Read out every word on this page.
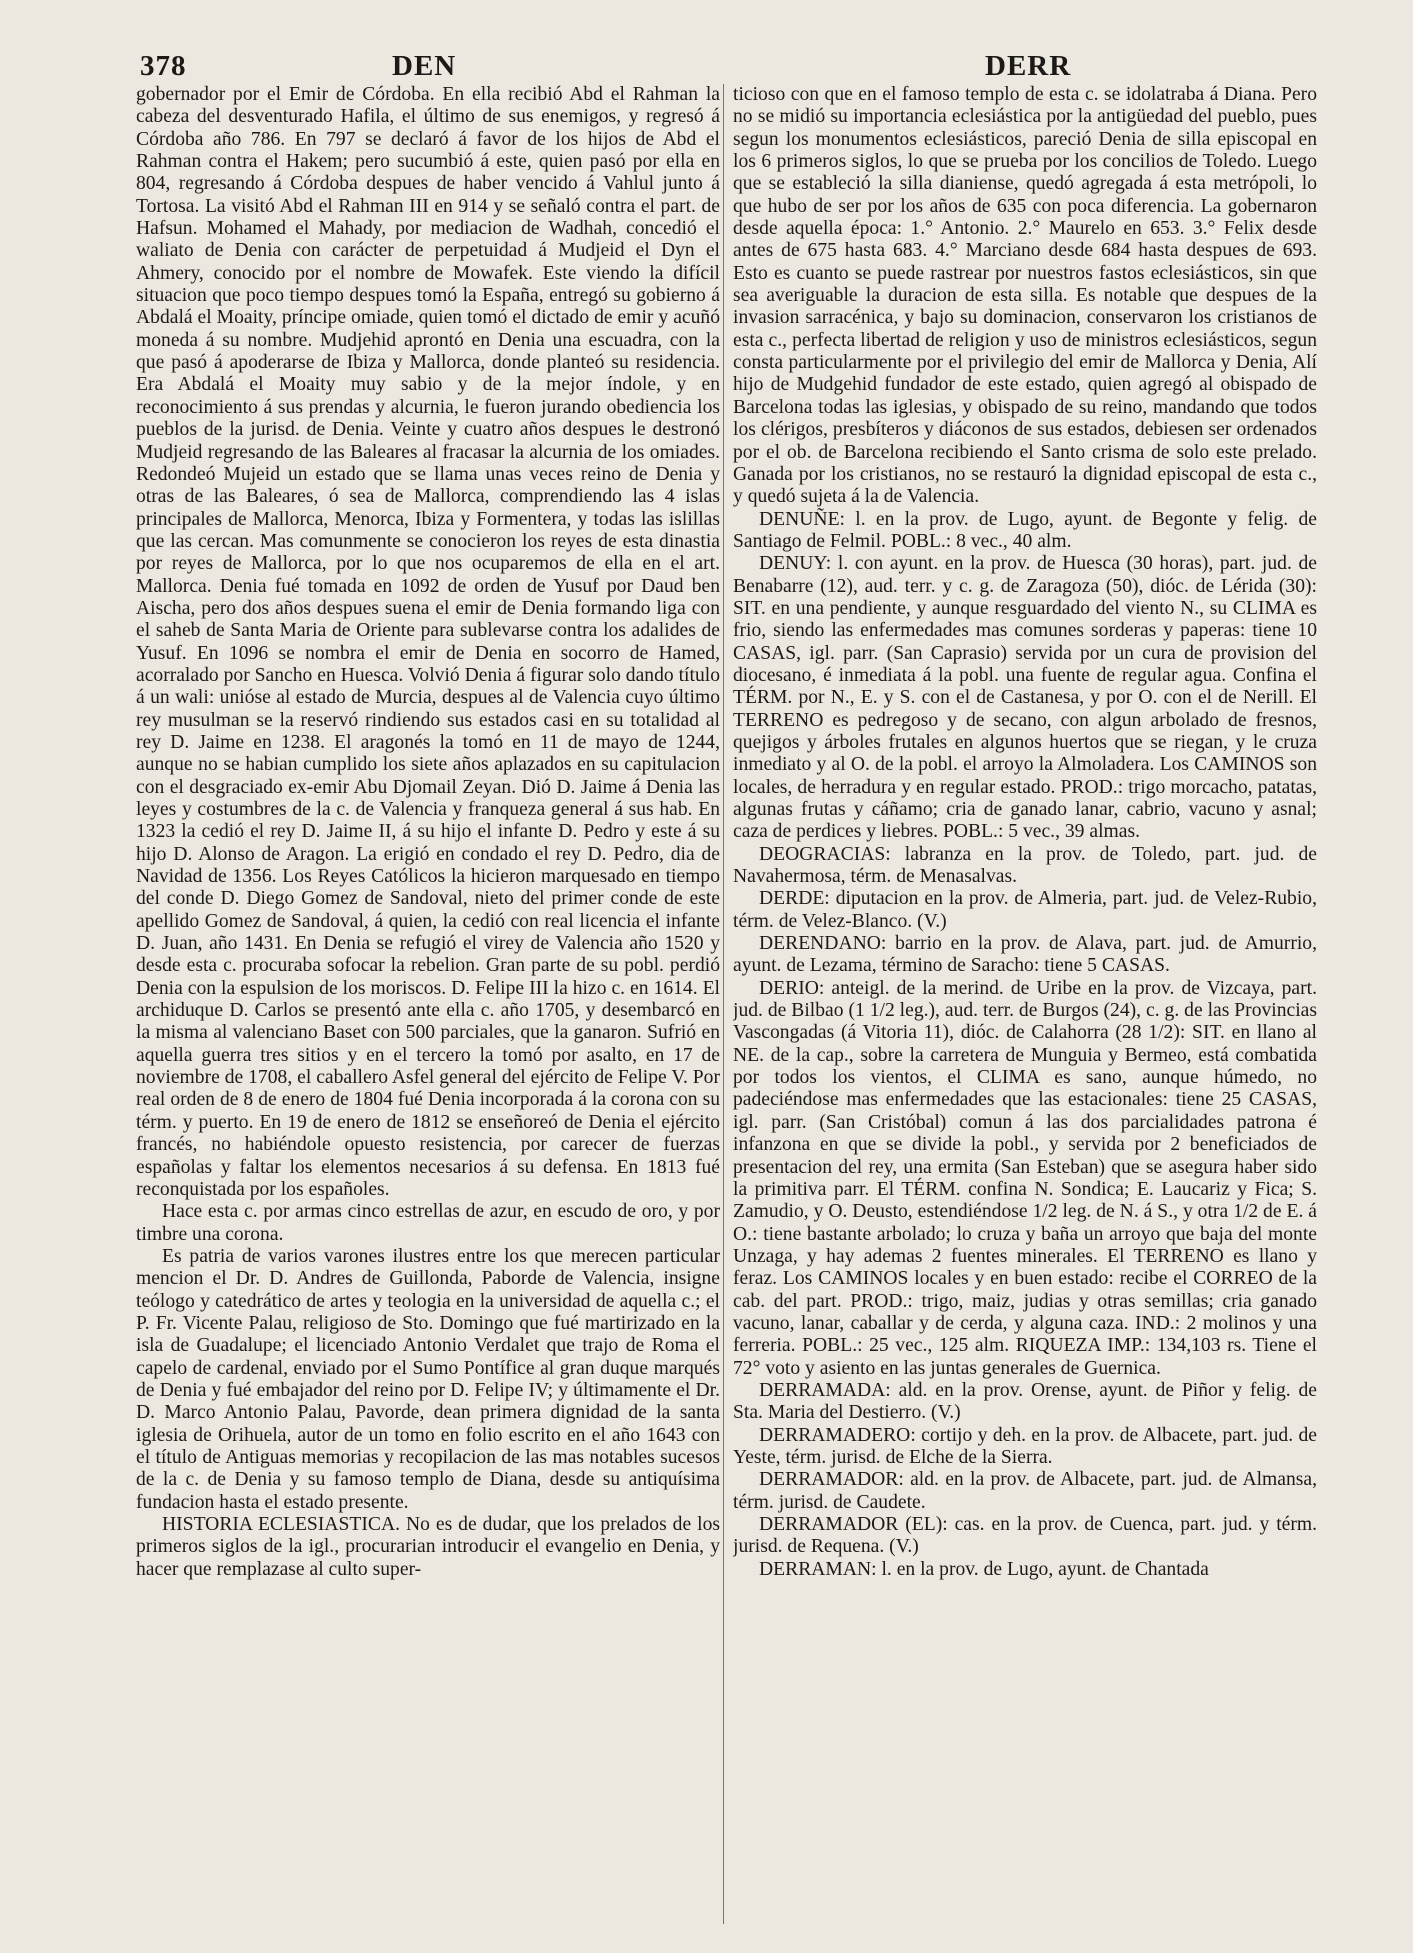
378	DEN	DERR

gobernador por el Emir de Córdoba. En ella recibió Abd el Rahman la cabeza del desventurado Hafila, el último de sus enemigos, y regresó á Córdoba año 786. En 797 se declaró á favor de los hijos de Abd el Rahman contra el Hakem; pero sucumbió á este, quien pasó por ella en 804, regresando á Córdoba despues de haber vencido á Vahlul junto á Tortosa. La visitó Abd el Rahman III en 914 y se señaló contra el part. de Hafsun. Mohamed el Mahady, por mediacion de Wadhah, concedió el waliato de Denia con carácter de perpetuidad á Mudjeid el Dyn el Ahmery, conocido por el nombre de Mowafek. Este viendo la difícil situacion que poco tiempo despues tomó la España, entregó su gobierno á Abdalá el Moaity, príncipe omiade, quien tomó el dictado de emir y acuñó moneda á su nombre. Mudjehid aprontó en Denia una escuadra, con la que pasó á apoderarse de Ibiza y Mallorca, donde planteó su residencia. Era Abdalá el Moaity muy sabio y de la mejor índole, y en reconocimiento á sus prendas y alcurnia, le fueron jurando obediencia los pueblos de la jurisd. de Denia. Veinte y cuatro años despues le destronó Mudjeid regresando de las Baleares al fracasar la alcurnia de los omiades. Redondeó Mujeid un estado que se llama unas veces reino de Denia y otras de las Baleares, ó sea de Mallorca, comprendiendo las 4 islas principales de Mallorca, Menorca, Ibiza y Formentera, y todas las islillas que las cercan. Mas comunmente se conocieron los reyes de esta dinastia por reyes de Mallorca, por lo que nos ocuparemos de ella en el art. Mallorca. Denia fué tomada en 1092 de orden de Yusuf por Daud ben Aischa, pero dos años despues suena el emir de Denia formando liga con el saheb de Santa Maria de Oriente para sublevarse contra los adalides de Yusuf. En 1096 se nombra el emir de Denia en socorro de Hamed, acorralado por Sancho en Huesca. Volvió Denia á figurar solo dando título á un wali: unióse al estado de Murcia, despues al de Valencia cuyo último rey musulman se la reservó rindiendo sus estados casi en su totalidad al rey D. Jaime en 1238. El aragonés la tomó en 11 de mayo de 1244, aunque no se habian cumplido los siete años aplazados en su capitulacion con el desgraciado ex-emir Abu Djomail Zeyan. Dió D. Jaime á Denia las leyes y costumbres de la c. de Valencia y franqueza general á sus hab. En 1323 la cedió el rey D. Jaime II, á su hijo el infante D. Pedro y este á su hijo D. Alonso de Aragon. La erigió en condado el rey D. Pedro, dia de Navidad de 1356. Los Reyes Católicos la hicieron marquesado en tiempo del conde D. Diego Gomez de Sandoval, nieto del primer conde de este apellido Gomez de Sandoval, á quien, la cedió con real licencia el infante D. Juan, año 1431. En Denia se refugió el virey de Valencia año 1520 y desde esta c. procuraba sofocar la rebelion. Gran parte de su pobl. perdió Denia con la espulsion de los moriscos. D. Felipe III la hizo c. en 1614. El archiduque D. Carlos se presentó ante ella c. año 1705, y desembarcó en la misma al valenciano Baset con 500 parciales, que la ganaron. Sufrió en aquella guerra tres sitios y en el tercero la tomó por asalto, en 17 de noviembre de 1708, el caballero Asfel general del ejército de Felipe V. Por real orden de 8 de enero de 1804 fué Denia incorporada á la corona con su térm. y puerto. En 19 de enero de 1812 se enseñoreó de Denia el ejército francés, no habiéndole opuesto resistencia, por carecer de fuerzas españolas y faltar los elementos necesarios á su defensa. En 1813 fué reconquistada por los españoles.

Hace esta c. por armas cinco estrellas de azur, en escudo de oro, y por timbre una corona.

Es patria de varios varones ilustres entre los que merecen particular mencion el Dr. D. Andres de Guillonda, Paborde de Valencia, insigne teólogo y catedrático de artes y teologia en la universidad de aquella c.; el P. Fr. Vicente Palau, religioso de Sto. Domingo que fué martirizado en la isla de Guadalupe; el licenciado Antonio Verdalet que trajo de Roma el capelo de cardenal, enviado por el Sumo Pontífice al gran duque marqués de Denia y fué embajador del reino por D. Felipe IV; y últimamente el Dr. D. Marco Antonio Palau, Pavorde, dean primera dignidad de la santa iglesia de Orihuela, autor de un tomo en folio escrito en el año 1643 con el título de Antiguas memorias y recopilacion de las mas notables sucesos de la c. de Denia y su famoso templo de Diana, desde su antiquísima fundacion hasta el estado presente.

HISTORIA ECLESIASTICA. No es de dudar, que los prelados de los primeros siglos de la igl., procurarian introducir el evangelio en Denia, y hacer que remplazase al culto super-

ticioso con que en el famoso templo de esta c. se idolatraba á Diana. Pero no se midió su importancia eclesiástica por la antigüedad del pueblo, pues segun los monumentos eclesiásticos, pareció Denia de silla episcopal en los 6 primeros siglos, lo que se prueba por los concilios de Toledo. Luego que se estableció la silla dianiense, quedó agregada á esta metrópoli, lo que hubo de ser por los años de 635 con poca diferencia. La gobernaron desde aquella época: 1.° Antonio. 2.° Maurelo en 653. 3.° Felix desde antes de 675 hasta 683. 4.° Marciano desde 684 hasta despues de 693. Esto es cuanto se puede rastrear por nuestros fastos eclesiásticos, sin que sea averiguable la duracion de esta silla. Es notable que despues de la invasion sarracénica, y bajo su dominacion, conservaron los cristianos de esta c., perfecta libertad de religion y uso de ministros eclesiásticos, segun consta particularmente por el privilegio del emir de Mallorca y Denia, Alí hijo de Mudgehid fundador de este estado, quien agregó al obispado de Barcelona todas las iglesias, y obispado de su reino, mandando que todos los clérigos, presbíteros y diáconos de sus estados, debiesen ser ordenados por el ob. de Barcelona recibiendo el Santo crisma de solo este prelado. Ganada por los cristianos, no se restauró la dignidad episcopal de esta c., y quedó sujeta á la de Valencia.

DENUÑE: l. en la prov. de Lugo, ayunt. de Begonte y felig. de Santiago de Felmil. POBL.: 8 vec., 40 alm.

DENUY: l. con ayunt. en la prov. de Huesca (30 horas), part. jud. de Benabarre (12), aud. terr. y c. g. de Zaragoza (50), dióc. de Lérida (30): SIT. en una pendiente, y aunque resguardado del viento N., su CLIMA es frio, siendo las enfermedades mas comunes sorderas y paperas: tiene 10 CASAS, igl. parr. (San Caprasio) servida por un cura de provision del diocesano, é inmediata á la pobl. una fuente de regular agua. Confina el TÉRM. por N., E. y S. con el de Castanesa, y por O. con el de Nerill. El TERRENO es pedregoso y de secano, con algun arbolado de fresnos, quejigos y árboles frutales en algunos huertos que se riegan, y le cruza inmediato y al O. de la pobl. el arroyo la Almoladera. Los CAMINOS son locales, de herradura y en regular estado. PROD.: trigo morcacho, patatas, algunas frutas y cáñamo; cria de ganado lanar, cabrio, vacuno y asnal; caza de perdices y liebres. POBL.: 5 vec., 39 almas.

DEOGRACIAS: labranza en la prov. de Toledo, part. jud. de Navahermosa, térm. de Menasalvas.

DERDE: diputacion en la prov. de Almeria, part. jud. de Velez-Rubio, térm. de Velez-Blanco. (V.)

DERENDANO: barrio en la prov. de Alava, part. jud. de Amurrio, ayunt. de Lezama, término de Saracho: tiene 5 CASAS.

DERIO: anteigl. de la merind. de Uribe en la prov. de Vizcaya, part. jud. de Bilbao (1 1/2 leg.), aud. terr. de Burgos (24), c. g. de las Provincias Vascongadas (á Vitoria 11), dióc. de Calahorra (28 1/2): SIT. en llano al NE. de la cap., sobre la carretera de Munguia y Bermeo, está combatida por todos los vientos, el CLIMA es sano, aunque húmedo, no padeciéndose mas enfermedades que las estacionales: tiene 25 CASAS, igl. parr. (San Cristóbal) comun á las dos parcialidades patrona é infanzona en que se divide la pobl., y servida por 2 beneficiados de presentacion del rey, una ermita (San Esteban) que se asegura haber sido la primitiva parr. El TÉRM. confina N. Sondica; E. Laucariz y Fica; S. Zamudio, y O. Deusto, estendiéndose 1/2 leg. de N. á S., y otra 1/2 de E. á O.: tiene bastante arbolado; lo cruza y baña un arroyo que baja del monte Unzaga, y hay ademas 2 fuentes minerales. El TERRENO es llano y feraz. Los CAMINOS locales y en buen estado: recibe el CORREO de la cab. del part. PROD.: trigo, maiz, judias y otras semillas; cria ganado vacuno, lanar, caballar y de cerda, y alguna caza. IND.: 2 molinos y una ferreria. POBL.: 25 vec., 125 alm. RIQUEZA IMP.: 134,103 rs. Tiene el 72° voto y asiento en las juntas generales de Guernica.

DERRAMADA: ald. en la prov. Orense, ayunt. de Piñor y felig. de Sta. Maria del Destierro. (V.)

DERRAMADERO: cortijo y deh. en la prov. de Albacete, part. jud. de Yeste, térm. jurisd. de Elche de la Sierra.

DERRAMADOR: ald. en la prov. de Albacete, part. jud. de Almansa, térm. jurisd. de Caudete.

DERRAMADOR (EL): cas. en la prov. de Cuenca, part. jud. y térm. jurisd. de Requena. (V.)

DERRAMAN: l. en la prov. de Lugo, ayunt. de Chantada
